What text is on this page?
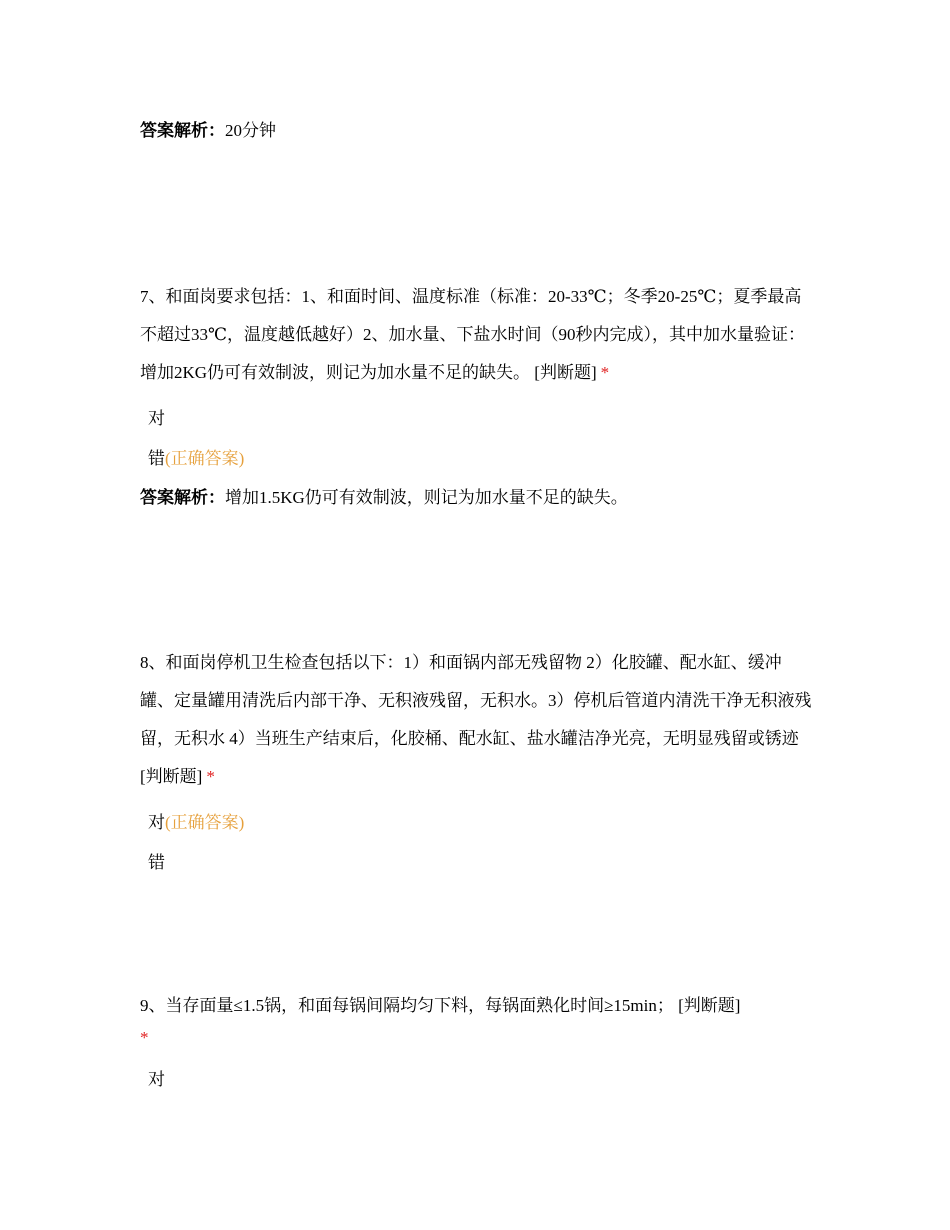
答案解析：20分钟
7、和面岗要求包括：1、和面时间、温度标准（标准：20-33℃；冬季20-25℃；夏季最高不超过33℃，温度越低越好）2、加水量、下盐水时间（90秒内完成），其中加水量验证：增加2KG仍可有效制波，则记为加水量不足的缺失。 [判断题] *
对
错(正确答案)
答案解析：增加1.5KG仍可有效制波，则记为加水量不足的缺失。
8、和面岗停机卫生检查包括以下：1）和面锅内部无残留物 2）化胶罐、配水缸、缓冲罐、定量罐用清洗后内部干净、无积液残留，无积水。3）停机后管道内清洗干净无积液残留，无积水 4）当班生产结束后，化胶桶、配水缸、盐水罐洁净光亮，无明显残留或锈迹 [判断题] *
对(正确答案)
错
9、当存面量≤1.5锅，和面每锅间隔均匀下料，每锅面熟化时间≥15min； [判断题]
*
对
